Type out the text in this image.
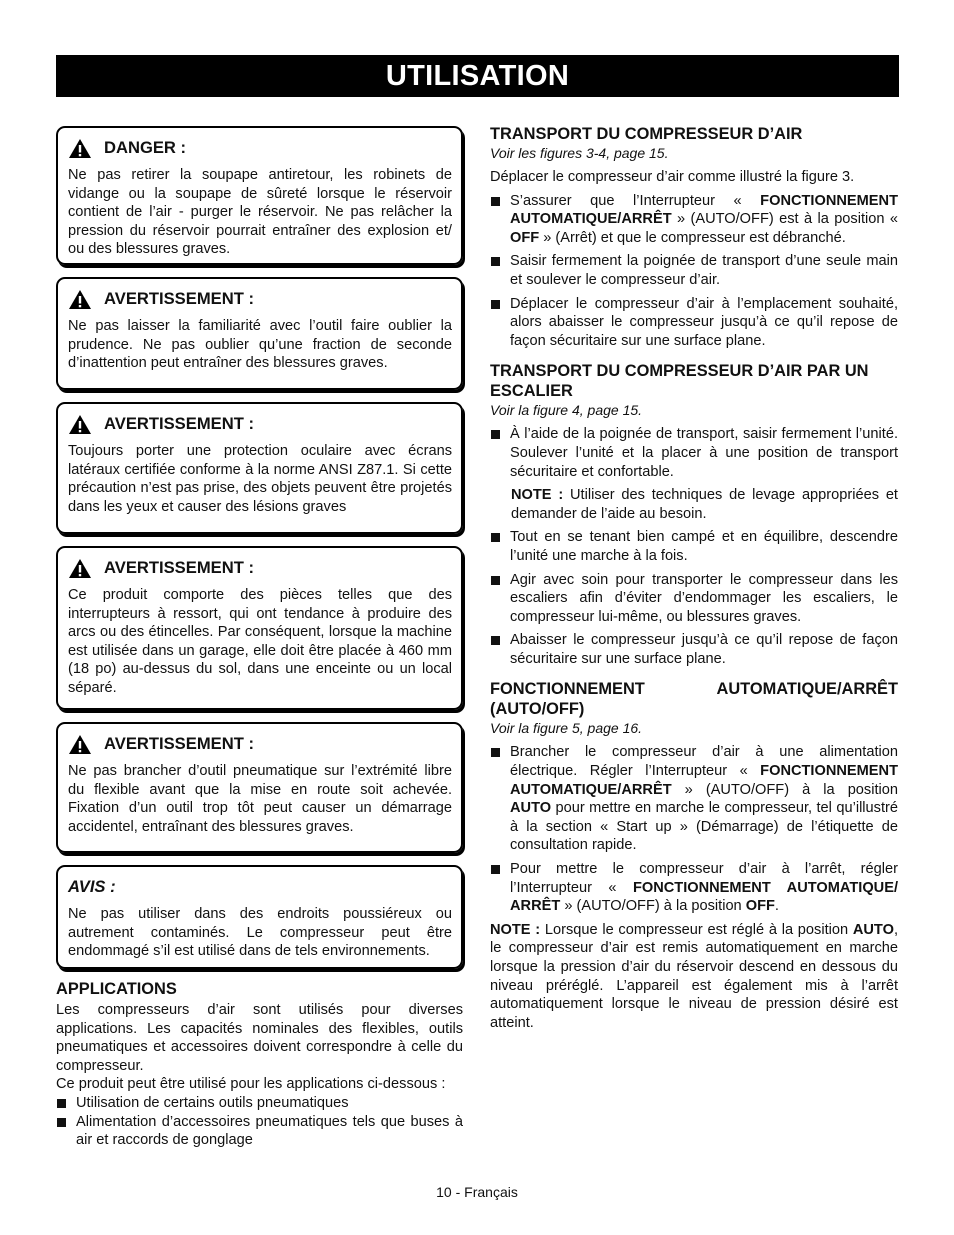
UTILISATION
DANGER :

Ne pas retirer la soupape antiretour, les robinets de vidange ou la soupape de sûreté lorsque le réservoir contient de l’air - purger le réservoir. Ne pas relâcher la pression du réservoir pourrait entraîner des explosion et/ ou des blessures graves.

AVERTISSEMENT :

Ne pas laisser la familiarité avec l’outil faire oublier la prudence. Ne pas oublier qu’une fraction de seconde d’inattention peut entraîner des blessures graves.

AVERTISSEMENT :

Toujours porter une protection oculaire avec écrans latéraux certifiée conforme à la norme ANSI Z87.1. Si cette précaution n’est pas prise, des objets peuvent être projetés dans les yeux et causer des lésions graves

AVERTISSEMENT :

Ce produit comporte des pièces telles que des interrupteurs à ressort, qui ont tendance à produire des arcs ou des étincelles. Par conséquent, lorsque la machine est utilisée dans un garage, elle doit être placée à 460 mm (18 po) au-dessus du sol, dans une enceinte ou un local séparé.

AVERTISSEMENT :

Ne pas brancher d’outil pneumatique sur l’extrémité libre du flexible avant que la mise en route soit achevée. Fixation d’un outil trop tôt peut causer un démarrage accidentel, entraînant des blessures graves.

AVIS :

Ne pas utiliser dans des endroits poussiéreux ou autrement contaminés. Le compresseur peut être endommagé s’il est utilisé dans de tels environnements.

APPLICATIONS

Les compresseurs d’air sont utilisés pour diverses applications. Les capacités nominales des flexibles, outils pneumatiques et accessoires doivent correspondre à celle du compresseur.

Ce produit peut être utilisé pour les applications ci-dessous :

Utilisation de certains outils pneumatiques
Alimentation d’accessoires pneumatiques tels que buses à air et raccords de gonglage
TRANSPORT DU COMPRESSEUR D’AIR
Voir les figures 3-4, page 15.

Déplacer le compresseur d’air comme illustré la figure 3.

S’assurer que l’Interrupteur « FONCTIONNEMENT AUTOMATIQUE/ARRÊT » (AUTO/OFF) est à la position « OFF » (Arrêt) et que le compresseur est débranché.
Saisir fermement la poignée de transport d’une seule main et soulever le compresseur d’air.
Déplacer le compresseur d’air à l’emplacement souhaité, alors abaisser le compresseur jusqu’à ce qu’il repose de façon sécuritaire sur une surface plane.
TRANSPORT DU COMPRESSEUR D’AIR PAR UN ESCALIER
Voir la figure 4, page 15.
À l’aide de la poignée de transport, saisir fermement l’unité. Soulever l’unité et la placer à une position de transport sécuritaire et confortable.

NOTE : Utiliser des techniques de levage appropriées et demander de l’aide au besoin.

Tout en se tenant bien campé et en équilibre, descendre l’unité une marche à la fois.
Agir avec soin pour transporter le compresseur dans les escaliers afin d’éviter d’endommager les escaliers, le compresseur lui-même, ou blessures graves.
Abaisser le compresseur jusqu’à ce qu’il repose de façon sécuritaire sur une surface plane.
FONCTIONNEMENT AUTOMATIQUE/ARRÊT (AUTO/OFF)
Voir la figure 5, page 16.
Brancher le compresseur d’air à une alimentation électrique. Régler l’Interrupteur « FONCTIONNEMENT AUTOMATIQUE/ARRÊT » (AUTO/OFF) à la position AUTO pour mettre en marche le compresseur, tel qu’illustré à la section « Start up » (Démarrage) de l’étiquette de consultation rapide.
Pour mettre le compresseur d’air à l’arrêt, régler l’Interrupteur « FONCTIONNEMENT AUTOMATIQUE/ ARRÊT » (AUTO/OFF) à la position OFF.

NOTE : Lorsque le compresseur est réglé à la position AUTO, le compresseur d’air est remis automatiquement en marche lorsque la pression d’air du réservoir descend en dessous du niveau préréglé. L’appareil est également mis à l’arrêt automatiquement lorsque le niveau de pression désiré est atteint.

10 - Français
